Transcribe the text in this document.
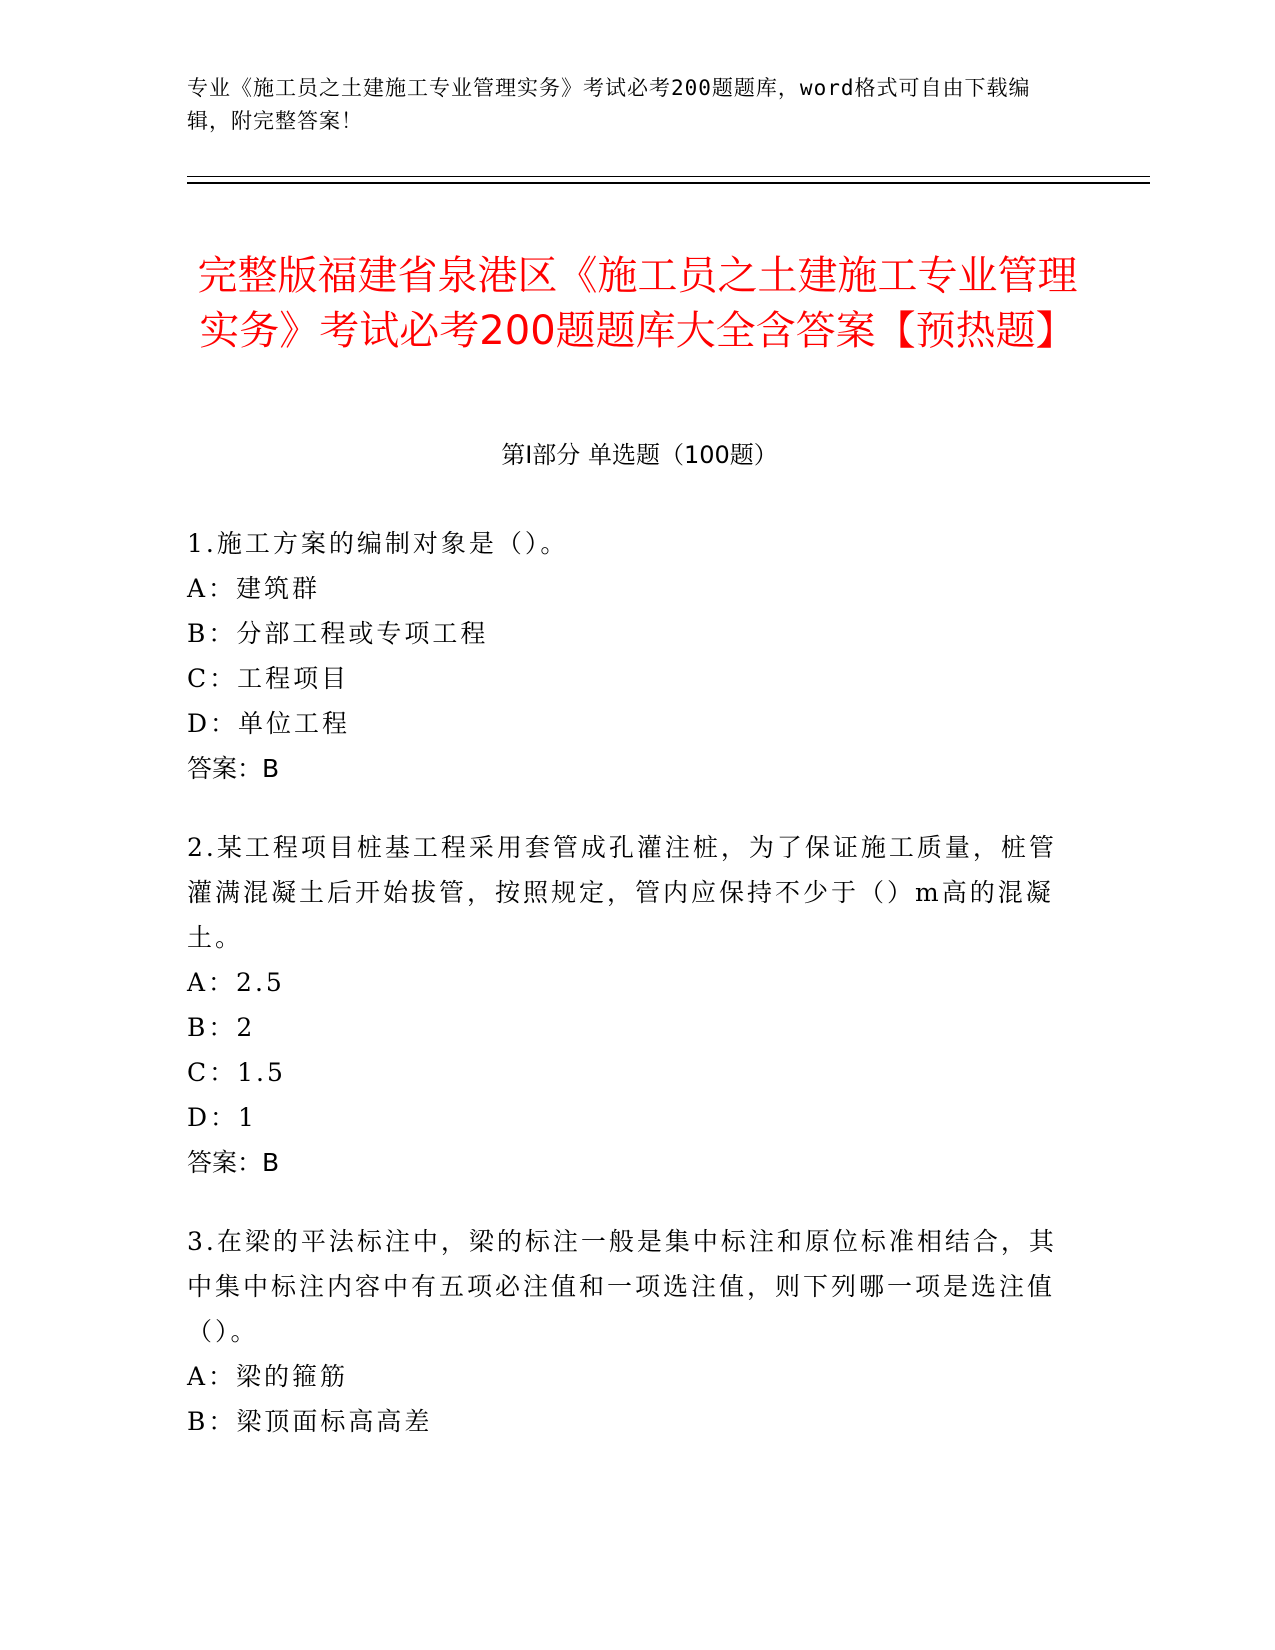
专业《施工员之土建施工专业管理实务》考试必考200题题库，word格式可自由下载编辑，附完整答案！
完整版福建省泉港区《施工员之土建施工专业管理实务》考试必考200题题库大全含答案【预热题】
第I部分 单选题（100题）
1.施工方案的编制对象是（）。
A：建筑群
B：分部工程或专项工程
C：工程项目
D：单位工程
答案：B
2.某工程项目桩基工程采用套管成孔灌注桩，为了保证施工质量，桩管灌满混凝土后开始拔管，按照规定，管内应保持不少于（）m高的混凝土。
A：2.5
B：2
C：1.5
D：1
答案：B
3.在梁的平法标注中，梁的标注一般是集中标注和原位标准相结合，其中集中标注内容中有五项必注值和一项选注值，则下列哪一项是选注值（）。
A：梁的箍筋
B：梁顶面标高高差
